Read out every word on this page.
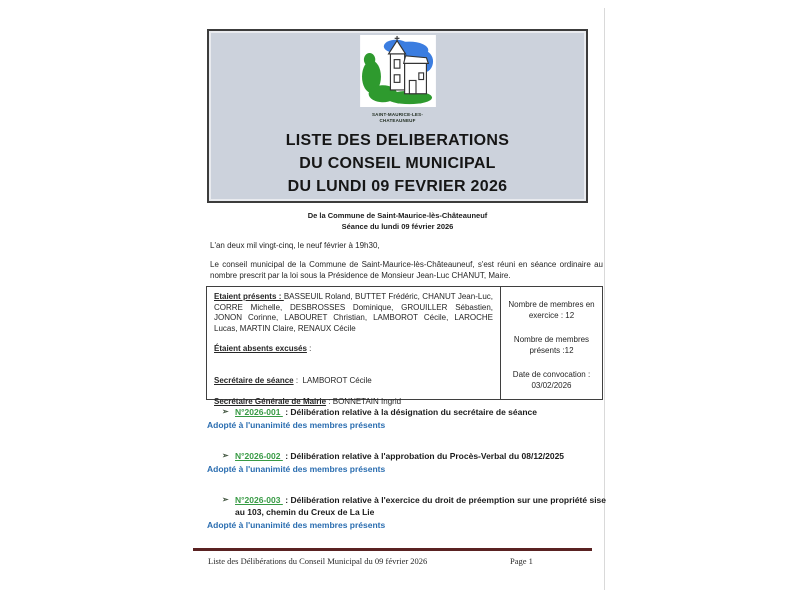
SAINT-MAURICE-LES-CHATEAUNEUF
LISTE DES DELIBERATIONS
DU CONSEIL MUNICIPAL
DU LUNDI 09 FEVRIER 2026
De la Commune de Saint-Maurice-lès-Châteauneuf
Séance du lundi 09 février 2026

L'an deux mil vingt-cinq, le neuf février à 19h30,

Le conseil municipal de la Commune de Saint-Maurice-lès-Châteauneuf, s'est réuni en séance ordinaire au nombre prescrit par la loi sous la Présidence de Monsieur Jean-Luc CHANUT, Maire.

Etaient présents : BASSEUIL Roland, BUTTET Frédéric, CHANUT Jean-Luc, CORRE Michelle, DESBROSSES Dominique, GROUILLER Sébastien, JONON Corinne, LABOURET Christian, LAMBOROT Cécile, LAROCHE Lucas, MARTIN Claire, RENAUX Cécile

Étaient absents excusés :

Secrétaire de séance :  LAMBOROT Cécile

Secrétaire Générale de Mairie : BONNETAIN Ingrid

Nombre de membres en exercice : 12

Nombre de membres présents :12

Date de convocation : 03/02/2026

➢ N°2026-001  : Délibération relative à la désignation du secrétaire de séance
Adopté à l'unanimité des membres présents
➢ N°2026-002  : Délibération relative à l'approbation du Procès-Verbal du 08/12/2025
Adopté à l'unanimité des membres présents
➢ N°2026-003  : Délibération relative à l'exercice du droit de préemption sur une propriété sise au 103, chemin du Creux de La Lie
Adopté à l'unanimité des membres présents
Liste des Délibérations du Conseil Municipal du 09 février 2026	Page 1
